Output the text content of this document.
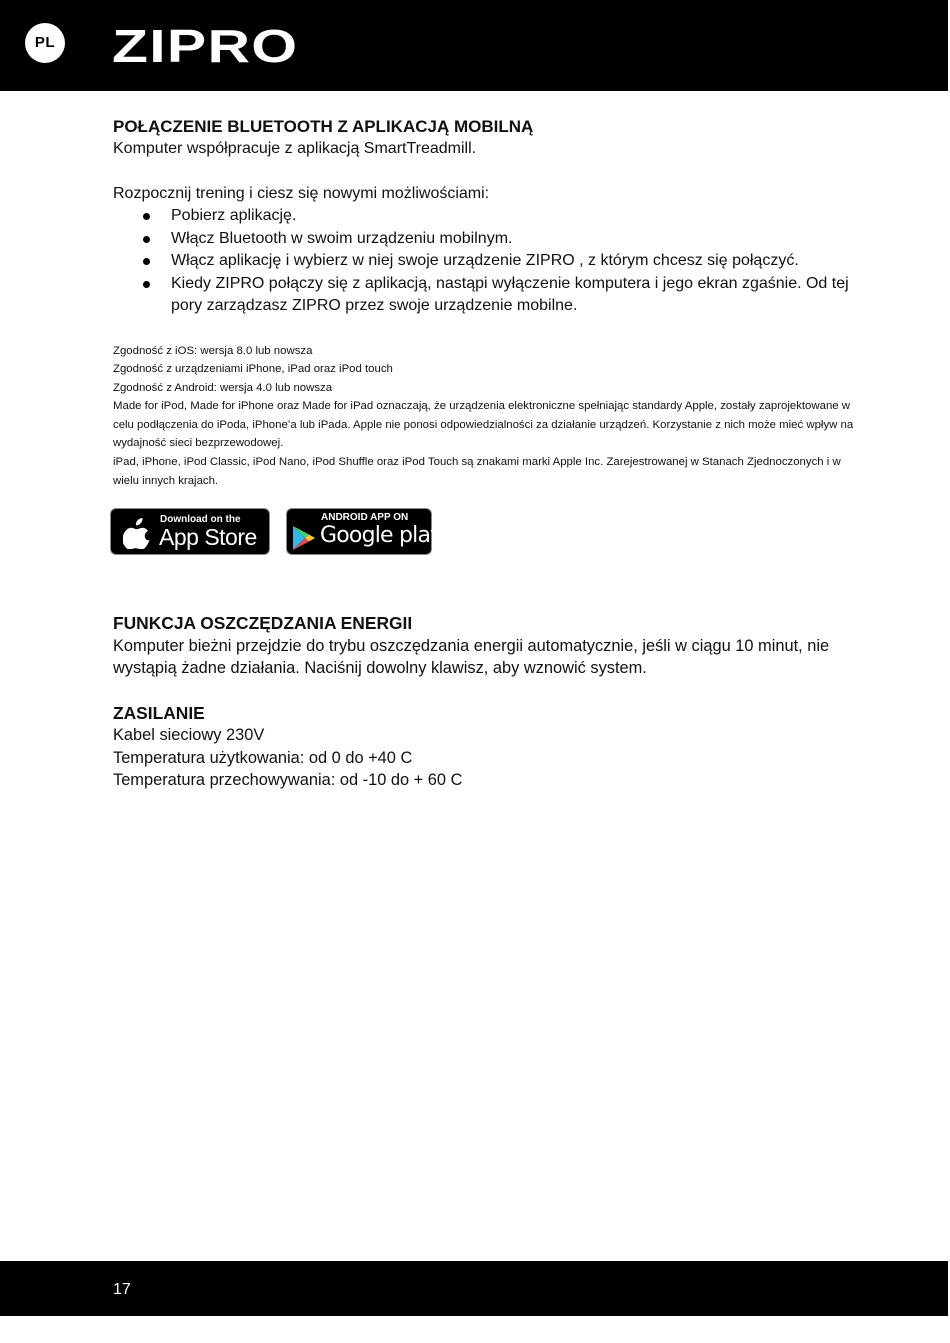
PL ZIPRO

POŁĄCZENIE BLUETOOTH Z APLIKACJĄ MOBILNĄ

Komputer współpracuje z aplikacją SmartTreadmill.

Rozpocznij trening i ciesz się nowymi możliwościami:

Pobierz aplikację.
Włącz Bluetooth w swoim urządzeniu mobilnym.
Włącz aplikację i wybierz w niej swoje urządzenie ZIPRO , z którym chcesz się połączyć.
Kiedy ZIPRO połączy się z aplikacją, nastąpi wyłączenie komputera i jego ekran zgaśnie. Od tej pory zarządzasz ZIPRO przez swoje urządzenie mobilne.

Zgodność z iOS: wersja 8.0 lub nowsza

Zgodność z urządzeniami iPhone, iPad oraz iPod touch

Zgodność z Android: wersja 4.0 lub nowsza

Made for iPod, Made for iPhone oraz Made for iPad oznaczają, że urządzenia elektroniczne spełniając standardy Apple, zostały zaprojektowane w celu podłączenia do iPoda, iPhone’a lub iPada. Apple nie ponosi odpowiedzialności za działanie urządzeń. Korzystanie z nich może mieć wpływ na wydajność sieci bezprzewodowej.

iPad, iPhone, iPod Classic, iPod Nano, iPod Shuffle oraz iPod Touch są znakami marki Apple Inc. Zarejestrowanej w Stanach Zjednoczonych i w wielu innych krajach.

Download on the
App Store
ANDROID APP ON
Google play

FUNKCJA OSZCZĘDZANIA ENERGII

Komputer bieżni przejdzie do trybu oszczędzania energii automatycznie, jeśli w ciągu 10 minut, nie wystąpią żadne działania. Naciśnij dowolny klawisz, aby wznowić system.

ZASILANIE

Kabel sieciowy 230V

Temperatura użytkowania: od 0 do +40 C

Temperatura przechowywania: od -10 do + 60 C

17
